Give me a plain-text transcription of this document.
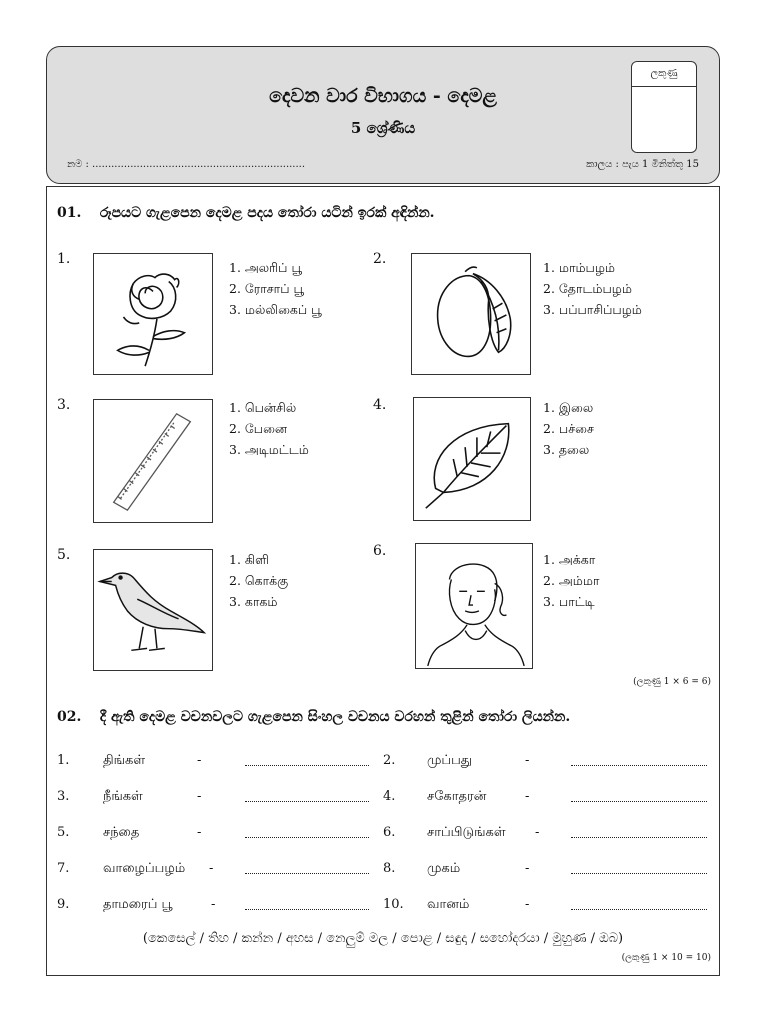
දෙවන වාර විභාගය - දෙමළ
5 ශ්‍රේණිය
ලකුණු
නම : ...................................................................	කාලය : පැය 1 මිනිත්තු 15
01. රූපයට ගැළපෙන දෙමළ පදය තෝරා යටින් ඉරක් අඳින්න.
1.
1. அலரிப் பூ
2. ரோசாப் பூ
3. மல்லிகைப் பூ
2.
1. மாம்பழம்
2. தோடம்பழம்
3. பப்பாசிப்பழம்
3.	1. பென்சில்
2. பேனை
3. அடிமட்டம்
4.	1. இலை
2. பச்சை
3. தலை
5.	1. கிளி
2. கொக்கு
3. காகம்
6.
1. அக்கா
2. அம்மா
3. பாட்டி
(ලකුණු 1 × 6 = 6)
02. දී ඇති දෙමළ වචනවලට ගැළපෙන සිංහල වචනය වරහන් තුළින් තෝරා ලියන්න.
1.	திங்கள்	-	2. முப்பது	-
3.	நீங்கள்	-	4. சகோதரன்	-
5.	சந்தை	-	6. சாப்பிடுங்கள் -
7.	வாழைப்பழம் -	8. முகம்	-
9.	தாமரைப் பூ	-	10. வானம்	-
(කෙසෙල් / තිහ / කන්න / අහස / නෙලුම් මල / පොළ / සඳුදා / සහෝදරයා / මුහුණ / ඔබ)
(ලකුණු 1 × 10 = 10)
